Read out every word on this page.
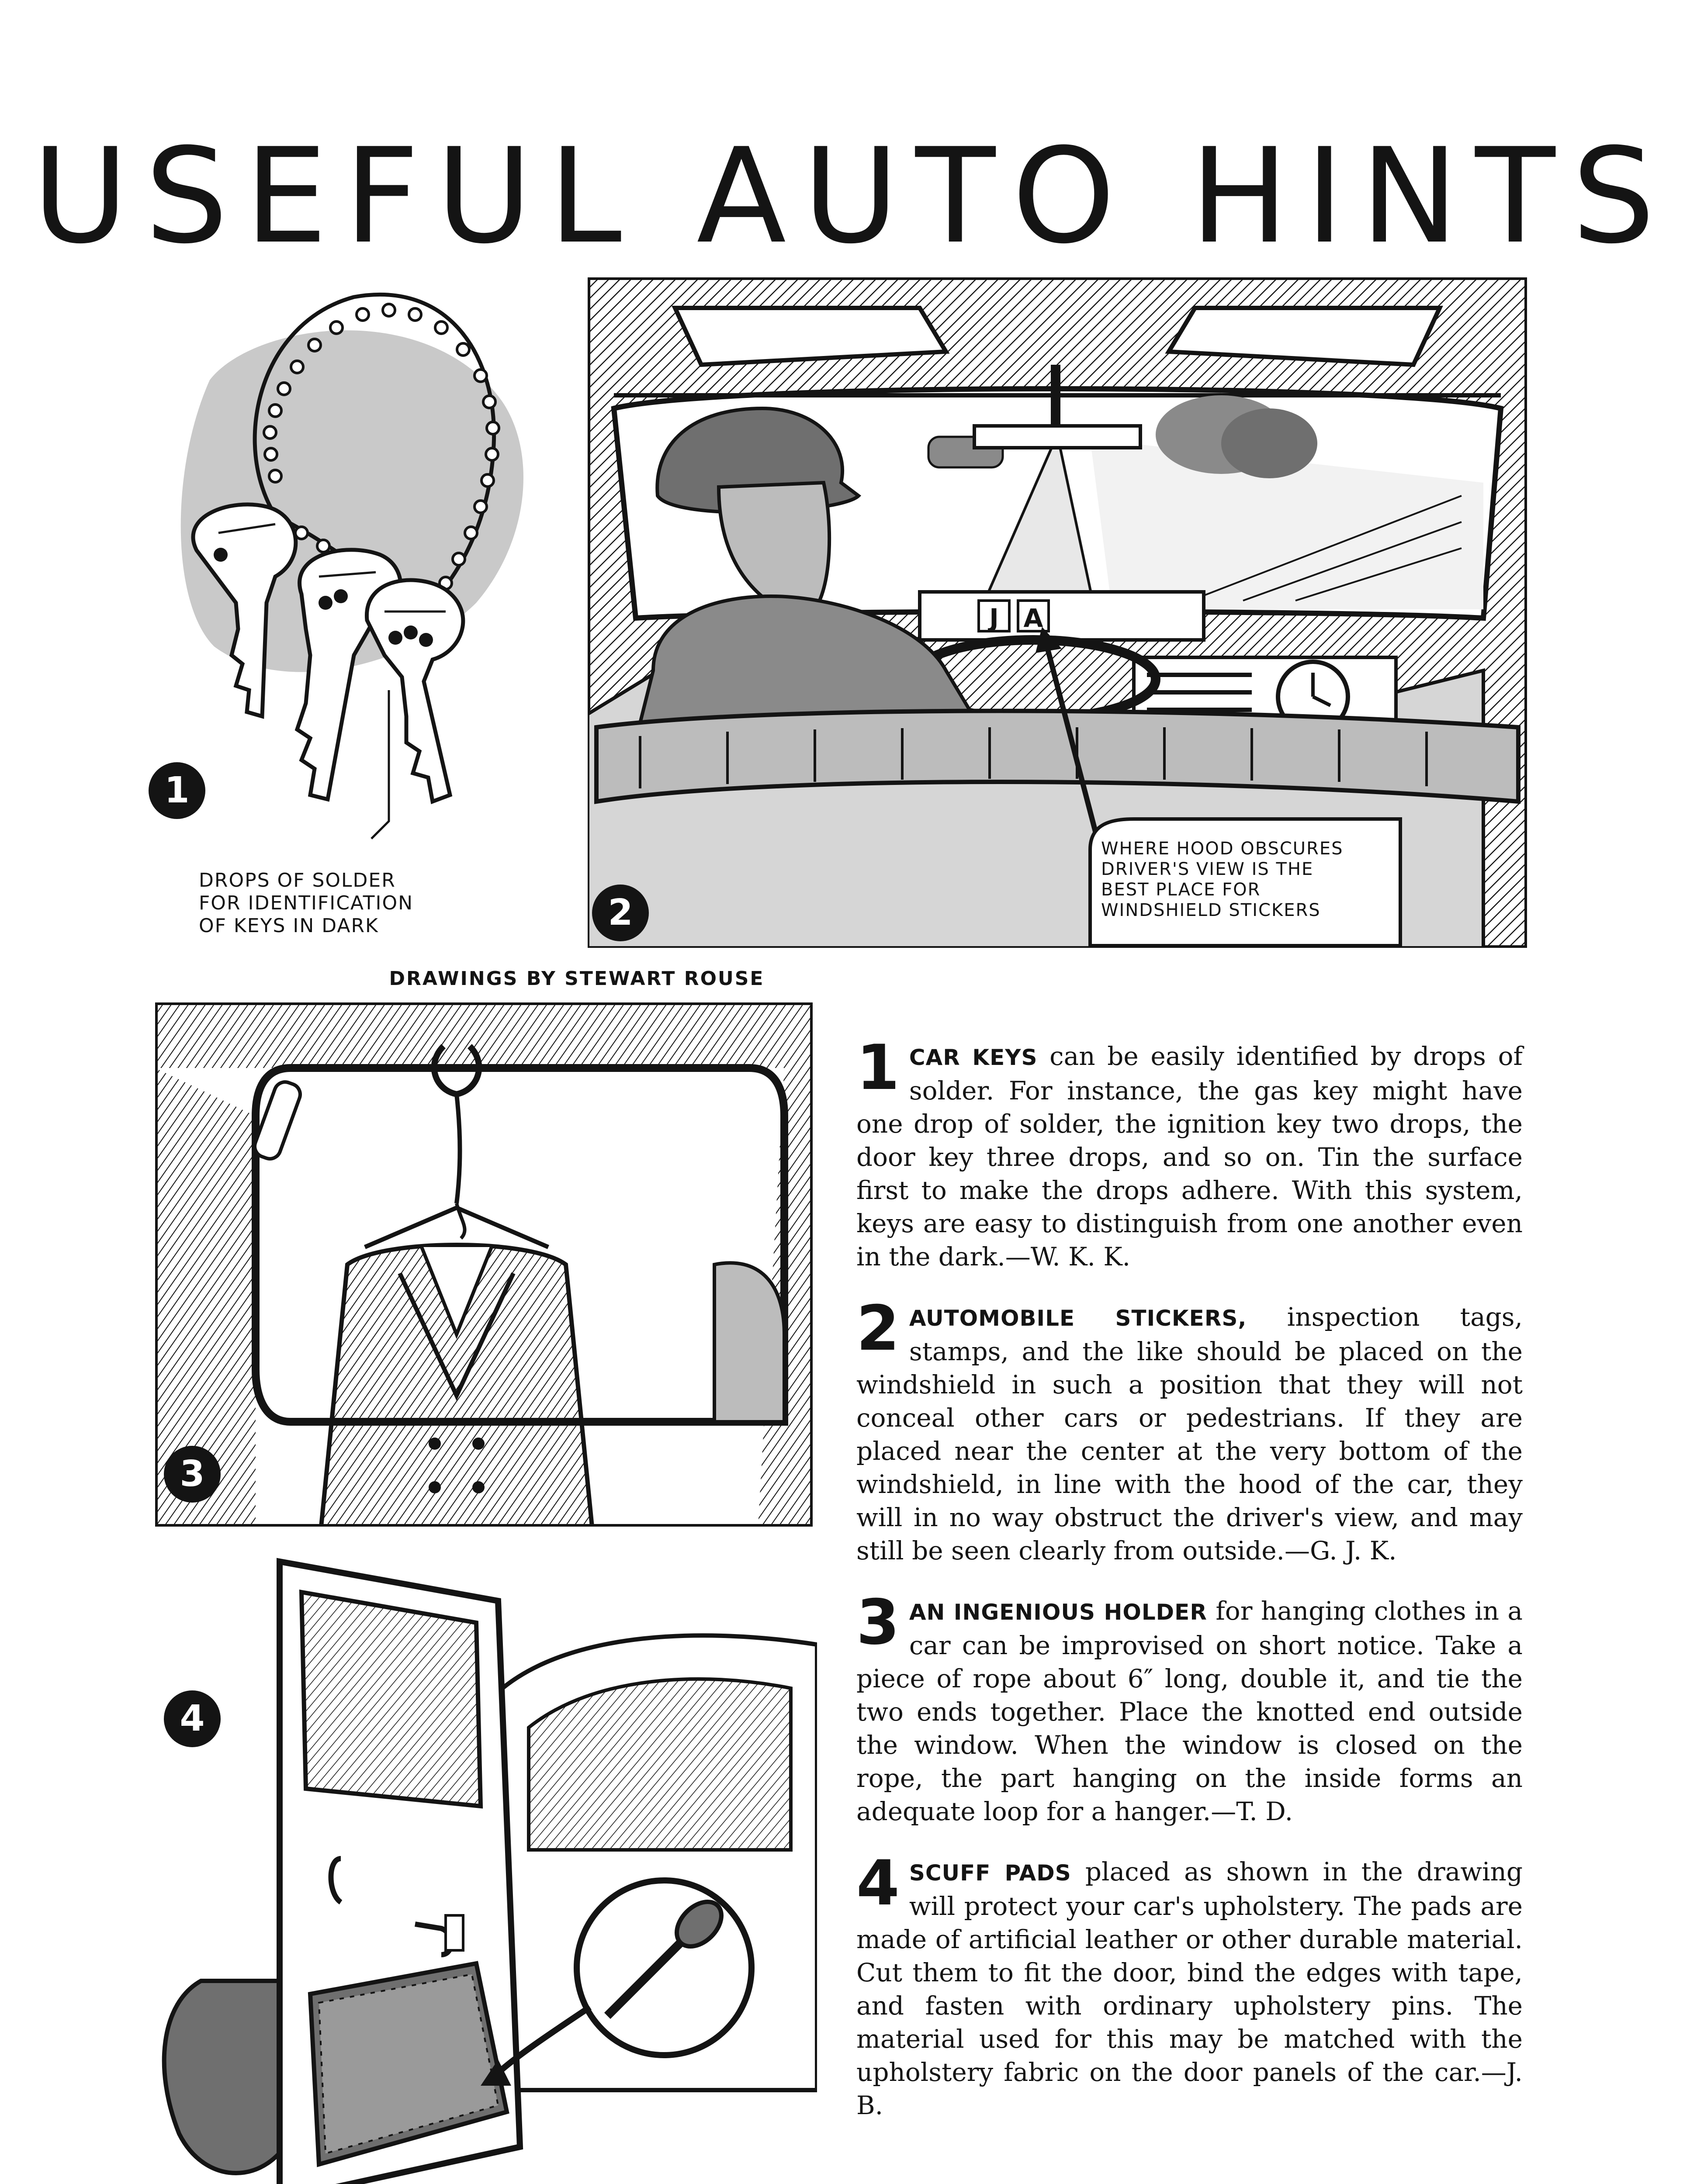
USEFUL AUTO HINTS
1
DROPS OF SOLDER
FOR IDENTIFICATION
OF KEYS IN DARK
J A
2
WHERE HOOD OBSCURES
DRIVER'S VIEW IS THE
BEST PLACE FOR
WINDSHIELD STICKERS
DRAWINGS BY STEWART ROUSE
3
4

1 CAR KEYS can be easily identified by drops of solder. For instance, the gas key might have one drop of solder, the ignition key two drops, the door key three drops, and so on. Tin the surface first to make the drops adhere. With this system, keys are easy to distinguish from one another even in the dark.—W. K. K.

2 AUTOMOBILE STICKERS, inspection tags, stamps, and the like should be placed on the windshield in such a position that they will not conceal other cars or pedestrians. If they are placed near the center at the very bottom of the windshield, in line with the hood of the car, they will in no way obstruct the driver's view, and may still be seen clearly from outside.—G. J. K.

3 AN INGENIOUS HOLDER for hanging clothes in a car can be improvised on short notice. Take a piece of rope about 6″ long, double it, and tie the two ends together. Place the knotted end outside the window. When the window is closed on the rope, the part hanging on the inside forms an adequate loop for a hanger.—T. D.

4 SCUFF PADS placed as shown in the drawing will protect your car's upholstery. The pads are made of artificial leather or other durable material. Cut them to fit the door, bind the edges with tape, and fasten with ordinary upholstery pins. The material used for this may be matched with the upholstery fabric on the door panels of the car.—J. B.
